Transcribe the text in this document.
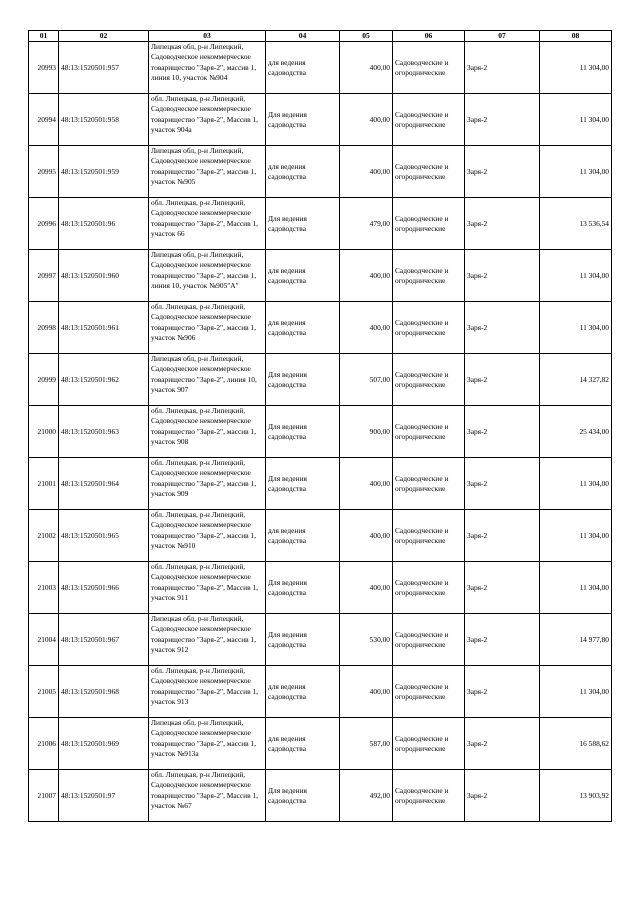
01	02	03	04	05	06	07	08
20993	48:13:1520501:957	Липецкая обл, р-н Липецкий, Садоводческое некоммерческое товарищество "Заря-2", массив 1, линия 10, участок №904	для ведения садоводства	400,00	Садоводческие и огороднические	Заря-2	11 304,00
20994	48:13:1520501:958	обл. Липецкая, р-н Липецкий, Садоводческое некоммерческое товарищество "Заря-2", Массив 1, участок 904а	Для ведения садоводства	400,00	Садоводческие и огороднические	Заря-2	11 304,00
20995	48:13:1520501:959	Липецкая обл, р-н Липецкий, Садоводческое некоммерческое товарищество "Заря-2", массив 1, участок №905	для ведения садоводства	400,00	Садоводческие и огороднические	Заря-2	11 304,00
20996	48:13:1520501:96	обл. Липецкая, р-н Липецкий, Садоводческое некоммерческое товарищество "Заря-2", Массив 1, участок 66	Для ведения садоводства	479,00	Садоводческие и огороднические	Заря-2	13 536,54
20997	48:13:1520501:960	Липецкая обл, р-н Липецкий, Садоводческое некоммерческое товарищество "Заря-2", массив 1, линия 10, участок №905"А"	для ведения садоводства	400,00	Садоводческие и огороднические	Заря-2	11 304,00
20998	48:13:1520501:961	обл. Липецкая, р-н Липецкий, Садоводческое некоммерческое товарищество "Заря-2", массив 1, участок №906	для ведения садоводства	400,00	Садоводческие и огороднические	Заря-2	11 304,00
20999	48:13:1520501:962	Липецкая обл, р-н Липецкий, Садоводческое некоммерческое товарищество "Заря-2", линия 10, участок 907	Для ведения садоводства	507,00	Садоводческие и огороднические	Заря-2	14 327,82
21000	48:13:1520501:963	обл. Липецкая, р-н Липецкий, Садоводческое некоммерческое товарищество "Заря-2", массив 1, участок 908	Для ведения садоводства	900,00	Садоводческие и огороднические	Заря-2	25 434,00
21001	48:13:1520501:964	обл. Липецкая, р-н Липецкий, Садоводческое некоммерческое товарищество "Заря-2", массив 1, участок 909	Для ведения садоводства	400,00	Садоводческие и огороднические	Заря-2	11 304,00
21002	48:13:1520501:965	обл. Липецкая, р-н Липецкий, Садоводческое некоммерческое товарищество "Заря-2", массив 1, участок №910	для ведения садоводства	400,00	Садоводческие и огороднические	Заря-2	11 304,00
21003	48:13:1520501:966	обл. Липецкая, р-н Липецкий, Садоводческое некоммерческое товарищество "Заря-2", Массив 1, участок 911	Для ведения садоводства	400,00	Садоводческие и огороднические	Заря-2	11 304,00
21004	48:13:1520501:967	Липецкая обл, р-н Липецкий, Садоводческое некоммерческое товарищество "Заря-2", массив 1, участок 912	Для ведения садоводства	530,00	Садоводческие и огороднические	Заря-2	14 977,80
21005	48:13:1520501:968	обл. Липецкая, р-н Липецкий, Садоводческое некоммерческое товарищество "Заря-2", Массив 1, участок 913	для ведения садоводства	400,00	Садоводческие и огороднические	Заря-2	11 304,00
21006	48:13:1520501:969	Липецкая обл, р-н Липецкий, Садоводческое некоммерческое товарищество "Заря-2", массив 1, участок №913а	для ведения садоводства	587,00	Садоводческие и огороднические	Заря-2	16 588,62
21007	48:13:1520501:97	обл. Липецкая, р-н Липецкий, Садоводческое некоммерческое товарищество "Заря-2", Массив 1, участок №67	Для ведения садоводства	492,00	Садоводческие и огороднические	Заря-2	13 903,92
